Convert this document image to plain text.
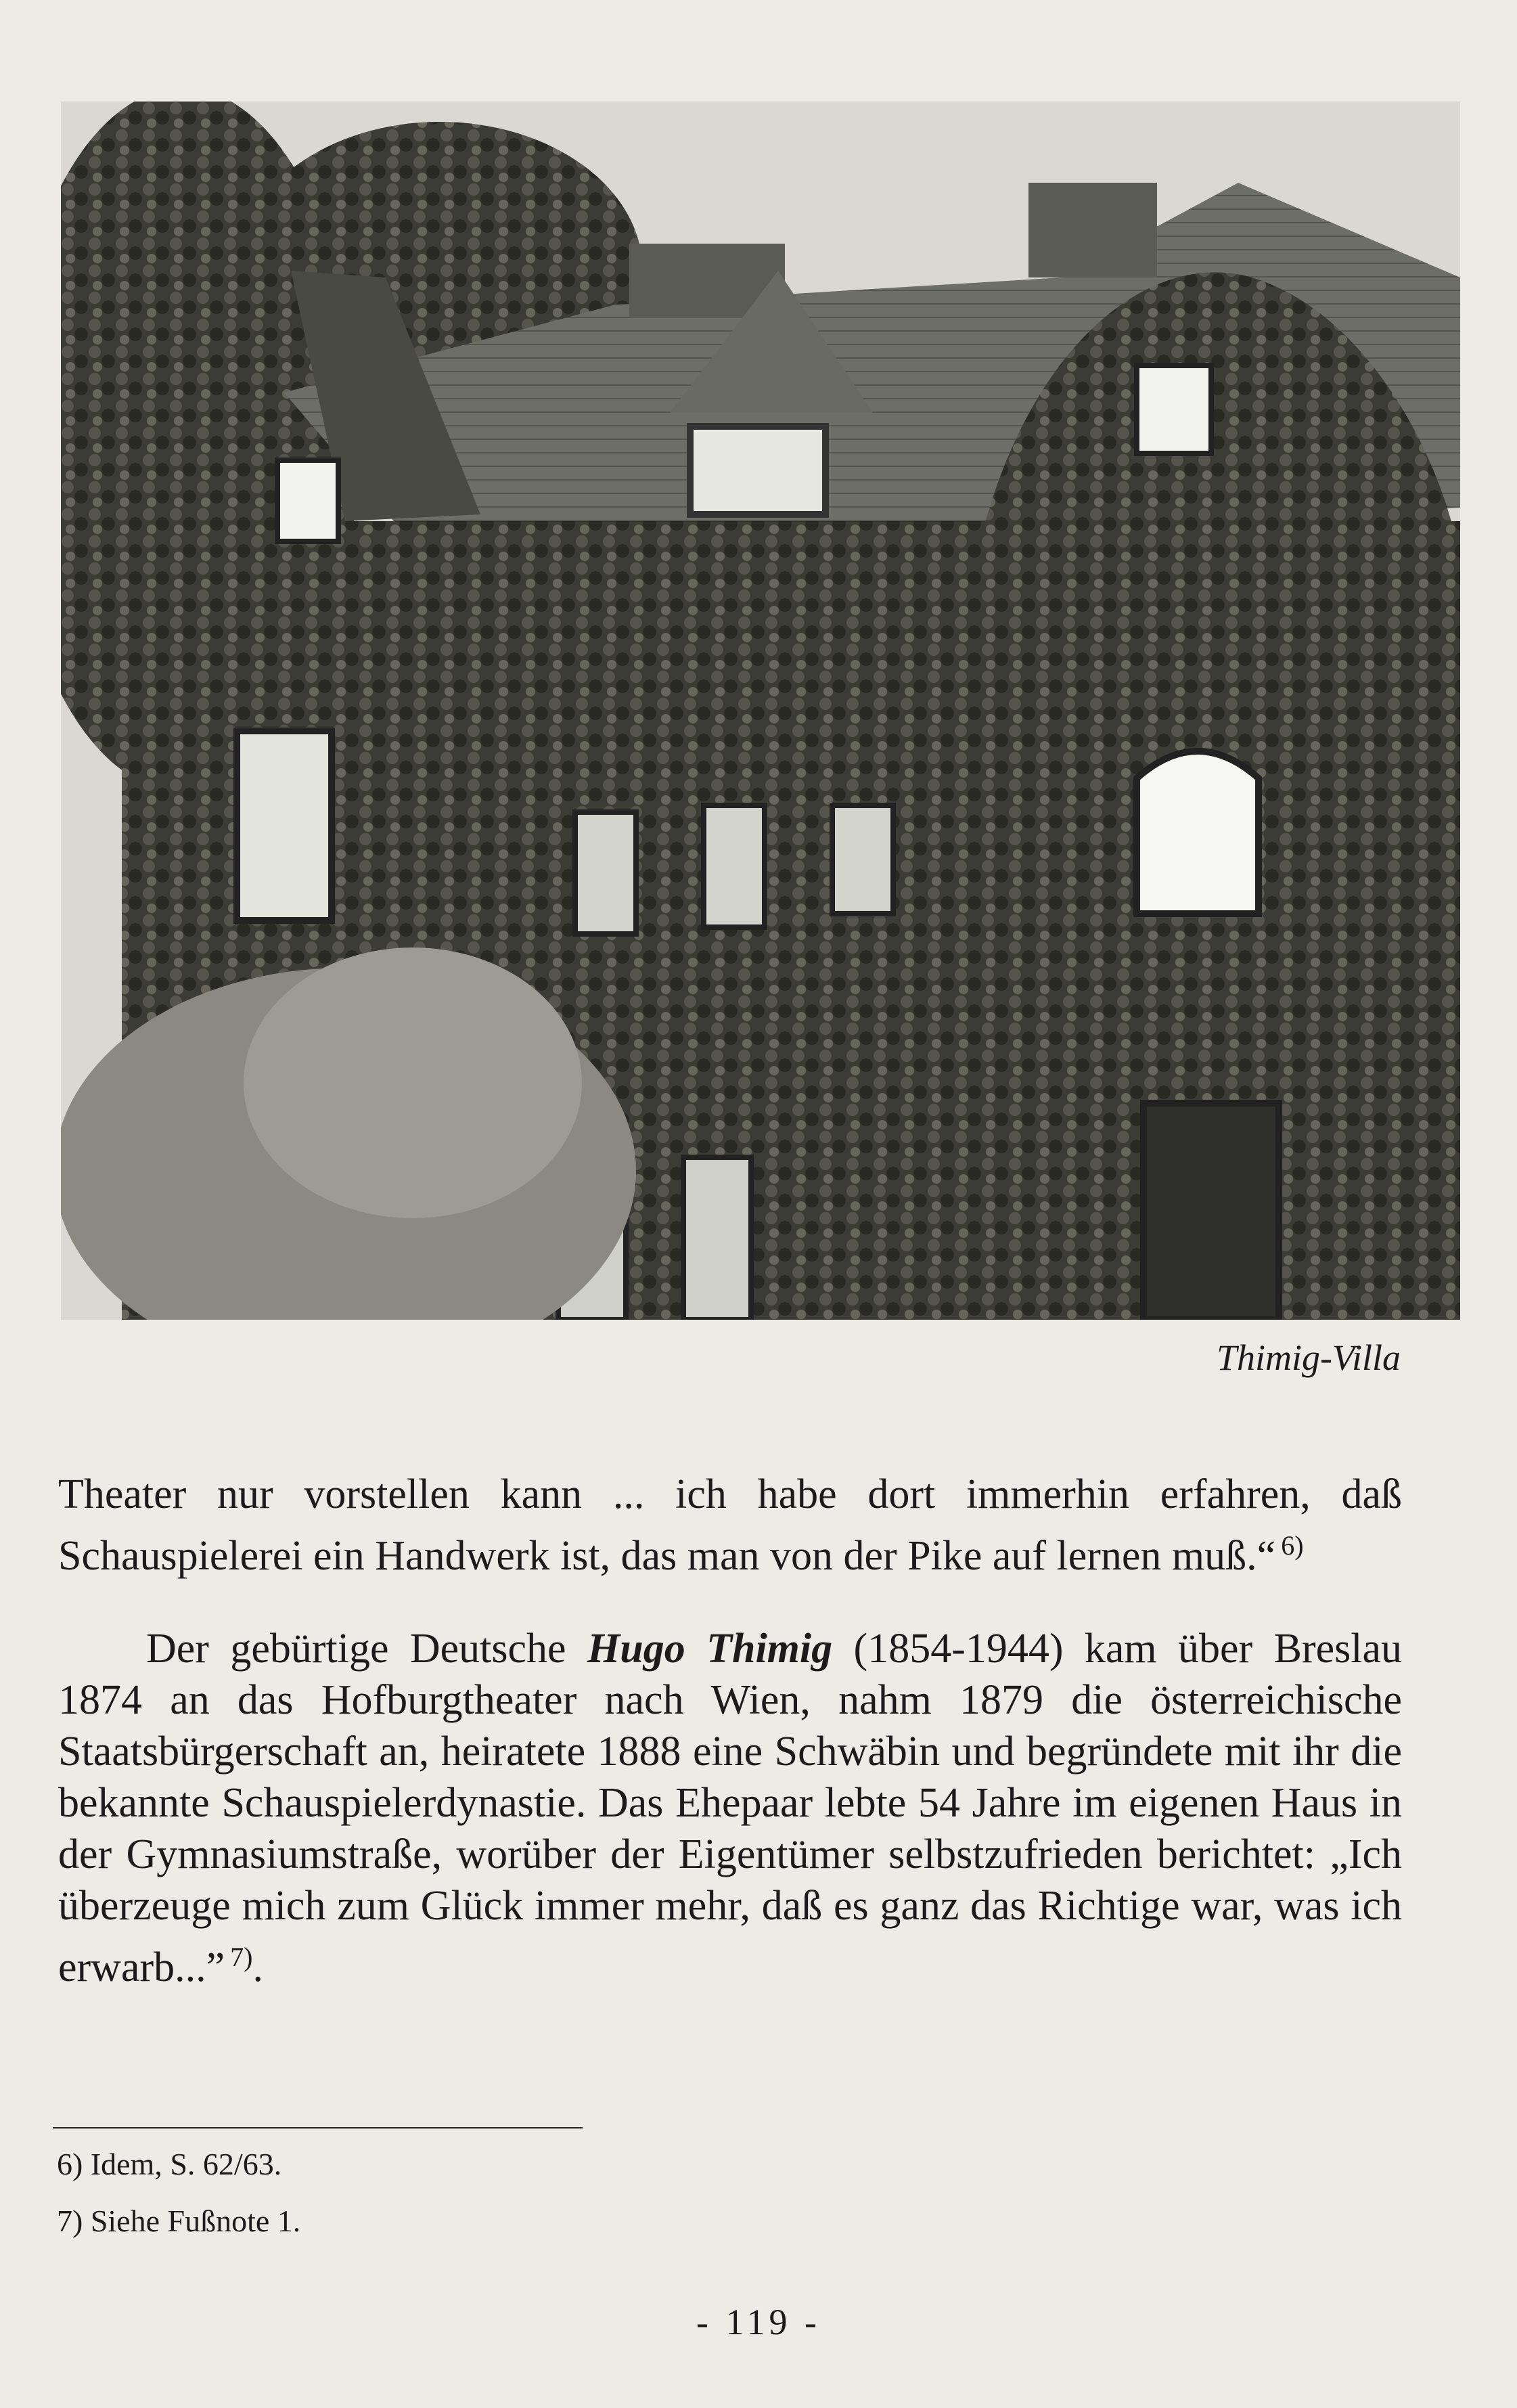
Thimig-Villa
Theater nur vorstellen kann ... ich habe dort immerhin erfahren, daß Schauspielerei ein Handwerk ist, das man von der Pike auf lernen muß.“ $^{6)}$
Der gebürtige Deutsche Hugo Thimig (1854-1944) kam über Breslau 1874 an das Hofburgtheater nach Wien, nahm 1879 die österreichische Staatsbürgerschaft an, heiratete 1888 eine Schwäbin und begründete mit ihr die bekannte Schauspielerdynastie. Das Ehepaar lebte 54 Jahre im eigenen Haus in der Gymnasiumstraße, worüber der Eigentümer selbstzufrieden berichtet: „Ich überzeuge mich zum Glück immer mehr, daß es ganz das Richtige war, was ich erwarb...” $^{7)}$.
6) Idem, S. 62/63.
7) Siehe Fußnote 1.
- 119 -
